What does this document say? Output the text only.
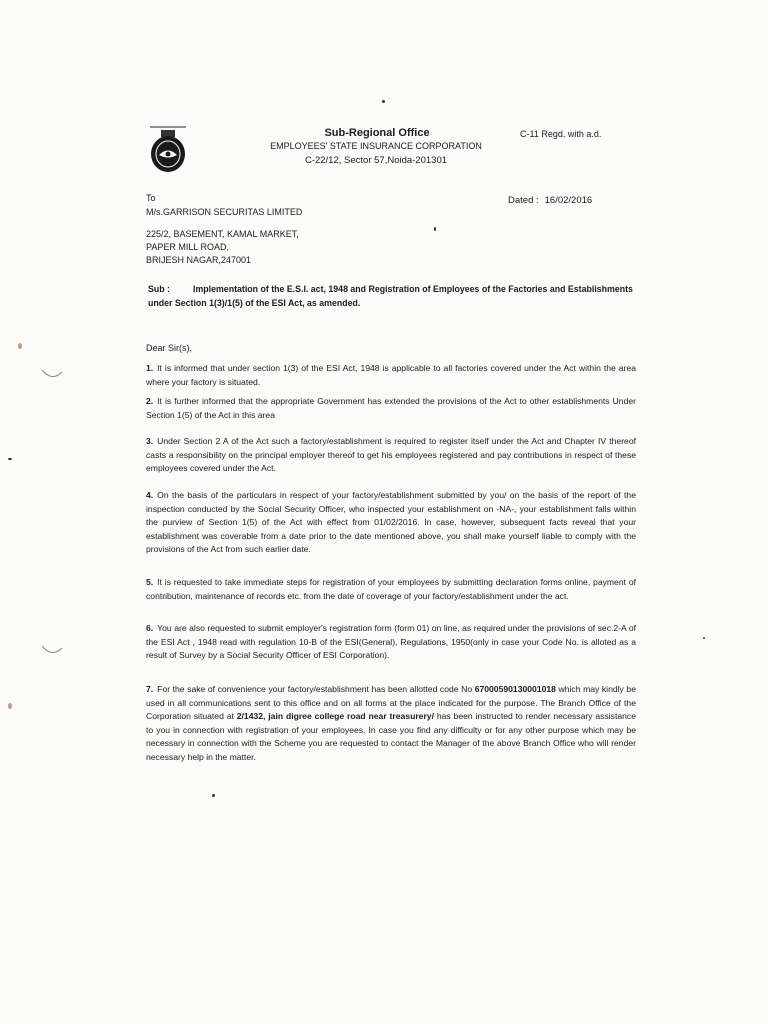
Sub-Regional Office
EMPLOYEES' STATE INSURANCE CORPORATION
C-22/12, Sector 57,Noida-201301
C-11 Regd. with a.d.
To	Dated : 16/02/2016
M/s.GARRISON SECURITAS LIMITED
225/2, BASEMENT, KAMAL MARKET,
PAPER MILL ROAD,
BRIJESH NAGAR,247001
Sub :	Implementation of the E.S.I. act, 1948 and Registration of Employees of the Factories and Establishments under Section 1(3)/1(5) of the ESI Act, as amended.
Dear Sir(s),
1. It is informed that under section 1(3) of the ESI Act, 1948 is applicable to all factories covered under the Act within the area where your factory is situated.
2. It is further informed that the appropriate Government has extended the provisions of the Act to other establishments Under Section 1(5) of the Act in this area
3. Under Section 2 A of the Act such a factory/establishment is required to register itself under the Act and Chapter IV thereof casts a responsibility on the principal employer thereof to get his employees registered and pay contributions in respect of these employees covered under the Act.
4. On the basis of the particulars in respect of your factory/establishment submitted by you/ on the basis of the report of the inspection conducted by the Social Security Officer, who inspected your establishment on -NA-, your establishment falls within the purview of Section 1(5) of the Act with effect from 01/02/2016. In case, however, subsequent facts reveal that your establishment was coverable from a date prior to the date mentioned above, you shall make yourself liable to comply with the provisions of the Act from such earlier date.
5. It is requested to take immediate steps for registration of your employees by submitting declaration forms online, payment of contribution, maintenance of records etc. from the date of coverage of your factory/establishment under the act.
6. You are also requested to submit employer's registration form (form 01) on line, as required under the provisions of sec.2-A of the ESI Act , 1948 read with regulation 10-B of the ESI(General), Regulations, 1950(only in case your Code No. is alloted as a result of Survey by a Social Security Officer of ESI Corporation).
7. For the sake of convenience your factory/establishment has been allotted code No 67000590130001018 which may kindly be used in all communications sent to this office and on all forms at the place indicated for the purpose. The Branch Office of the Corporation situated at 2/1432, jain digree college road near treasurery/ has been instructed to render necessary assistance to you in connection with registration of your employees. In case you find any difficulty or for any other purpose which may be necessary in connection with the Scheme you are requested to contact the Manager of the above Branch Office who will render necessary help in the matter.
